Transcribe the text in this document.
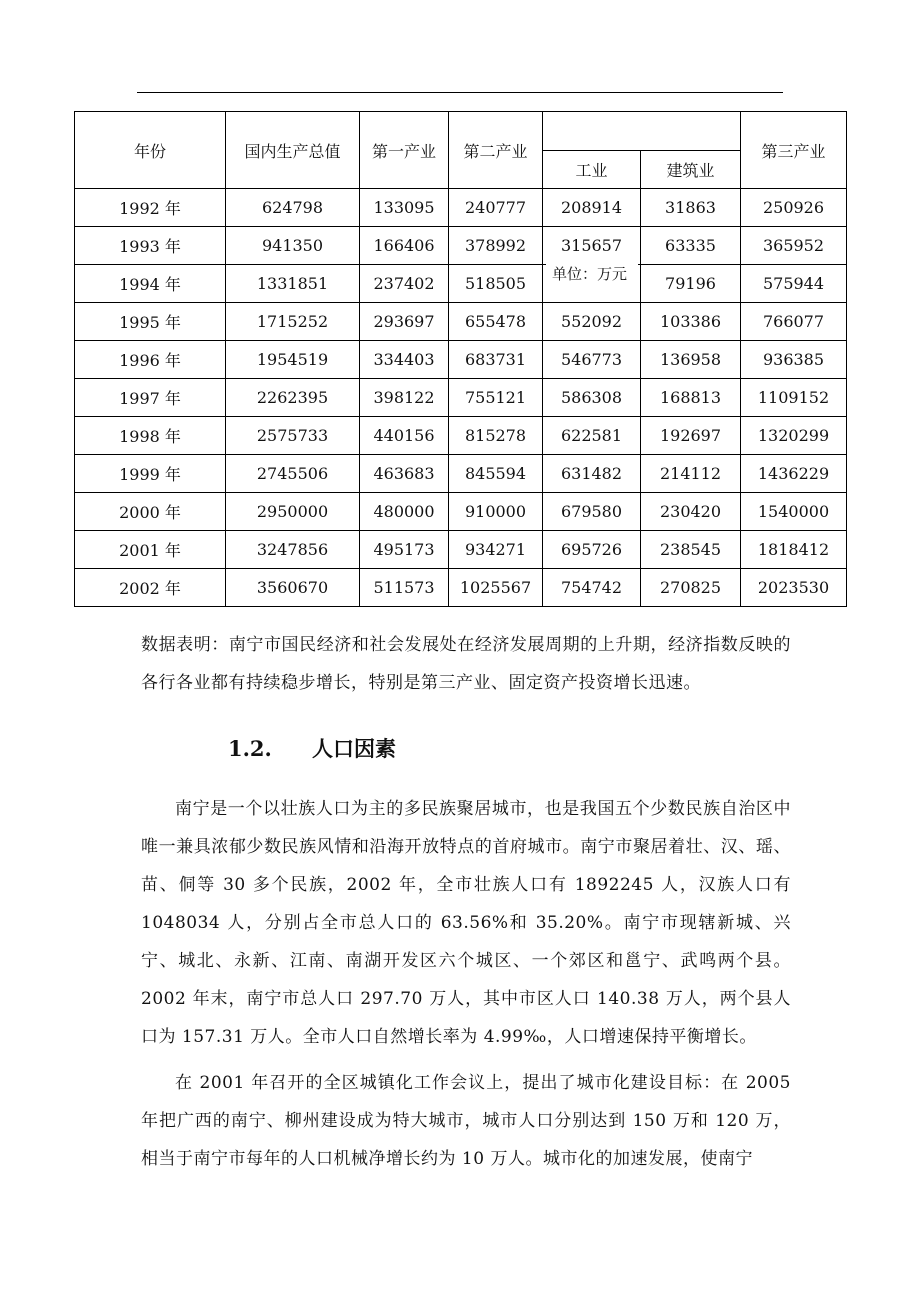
年份	国内生产总值	第一产业	第二产业			第三产业
				工业	建筑业	
1992 年	624798	133095	240777	208914	31863	250926
1993 年	941350	166406	378992	315657	63335	365952
1994 年	1331851	237402	518505		79196	575944
1995 年	1715252	293697	655478	552092	103386	766077
1996 年	1954519	334403	683731	546773	136958	936385
1997 年	2262395	398122	755121	586308	168813	1109152
1998 年	2575733	440156	815278	622581	192697	1320299
1999 年	2745506	463683	845594	631482	214112	1436229
2000 年	2950000	480000	910000	679580	230420	1540000
2001 年	3247856	495173	934271	695726	238545	1818412
2002 年	3560670	511573	1025567	754742	270825	2023530
单位：万元

数据表明：南宁市国民经济和社会发展处在经济发展周期的上升期，经济指数反映的各行各业都有持续稳步增长，特别是第三产业、固定资产投资增长迅速。

1.2. 人口因素

南宁是一个以壮族人口为主的多民族聚居城市，也是我国五个少数民族自治区中唯一兼具浓郁少数民族风情和沿海开放特点的首府城市。南宁市聚居着壮、汉、瑶、苗、侗等 30 多个民族，2002 年，全市壮族人口有 1892245 人，汉族人口有 1048034 人，分别占全市总人口的 63.56%和 35.20%。南宁市现辖新城、兴宁、城北、永新、江南、南湖开发区六个城区、一个郊区和邕宁、武鸣两个县。2002 年末，南宁市总人口 297.70 万人，其中市区人口 140.38 万人，两个县人口为 157.31 万人。全市人口自然增长率为 4.99‰，人口增速保持平衡增长。

在 2001 年召开的全区城镇化工作会议上，提出了城市化建设目标：在 2005 年把广西的南宁、柳州建设成为特大城市，城市人口分别达到 150 万和 120 万，相当于南宁市每年的人口机械净增长约为 10 万人。城市化的加速发展，使南宁
